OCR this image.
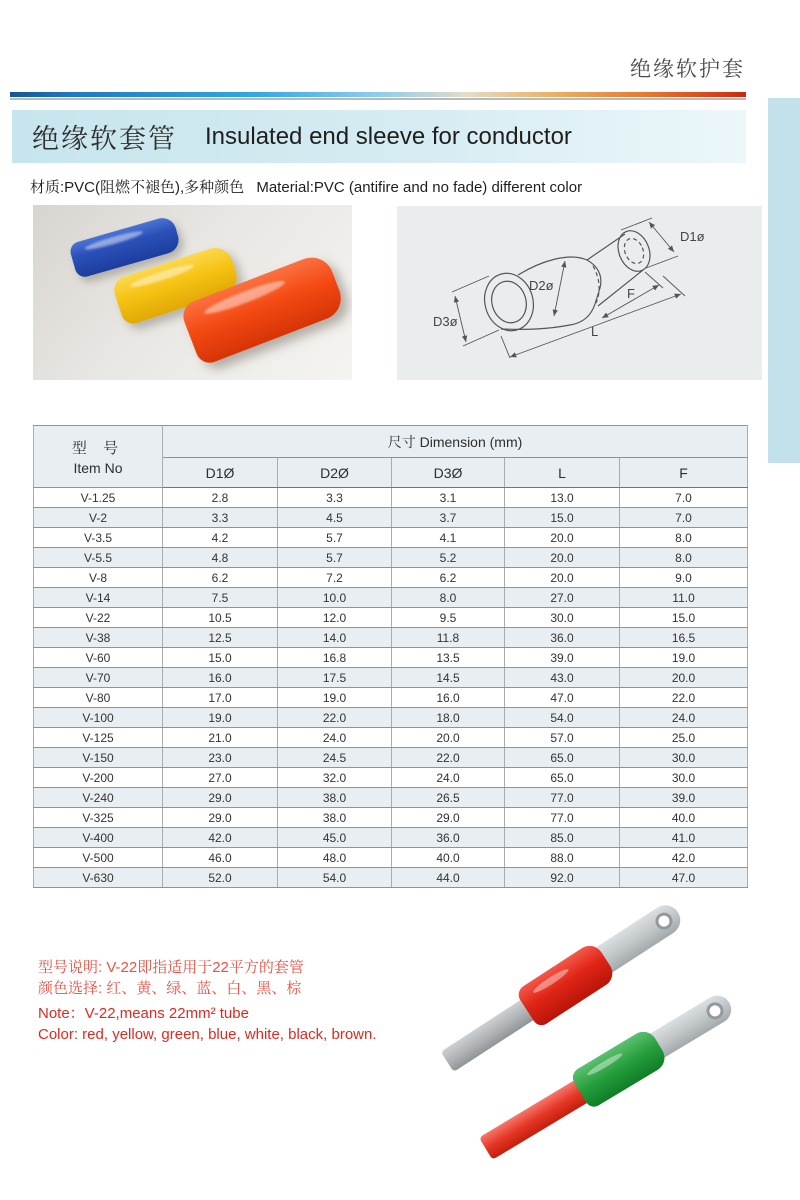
绝缘软护套
绝缘软套管 Insulated end sleeve for conductor
材质:PVC(阻燃不褪色),多种颜色 Material:PVC (antifire and no fade) different color
D1ø
D2ø
D3ø
F
L
型 号
Item No	尺寸 Dimension (mm)				
	D1Ø	D2Ø	D3Ø	L	F
V-1.25	2.8	3.3	3.1	13.0	7.0
V-2	3.3	4.5	3.7	15.0	7.0
V-3.5	4.2	5.7	4.1	20.0	8.0
V-5.5	4.8	5.7	5.2	20.0	8.0
V-8	6.2	7.2	6.2	20.0	9.0
V-14	7.5	10.0	8.0	27.0	11.0
V-22	10.5	12.0	9.5	30.0	15.0
V-38	12.5	14.0	11.8	36.0	16.5
V-60	15.0	16.8	13.5	39.0	19.0
V-70	16.0	17.5	14.5	43.0	20.0
V-80	17.0	19.0	16.0	47.0	22.0
V-100	19.0	22.0	18.0	54.0	24.0
V-125	21.0	24.0	20.0	57.0	25.0
V-150	23.0	24.5	22.0	65.0	30.0
V-200	27.0	32.0	24.0	65.0	30.0
V-240	29.0	38.0	26.5	77.0	39.0
V-325	29.0	38.0	29.0	77.0	40.0
V-400	42.0	45.0	36.0	85.0	41.0
V-500	46.0	48.0	40.0	88.0	42.0
V-630	52.0	54.0	44.0	92.0	47.0
型号说明: V-22即指适用于22平方的套管
颜色选择: 红、黄、绿、蓝、白、黑、棕
Note：V-22,means 22mm² tube
Color: red, yellow, green, blue, white, black, brown.
